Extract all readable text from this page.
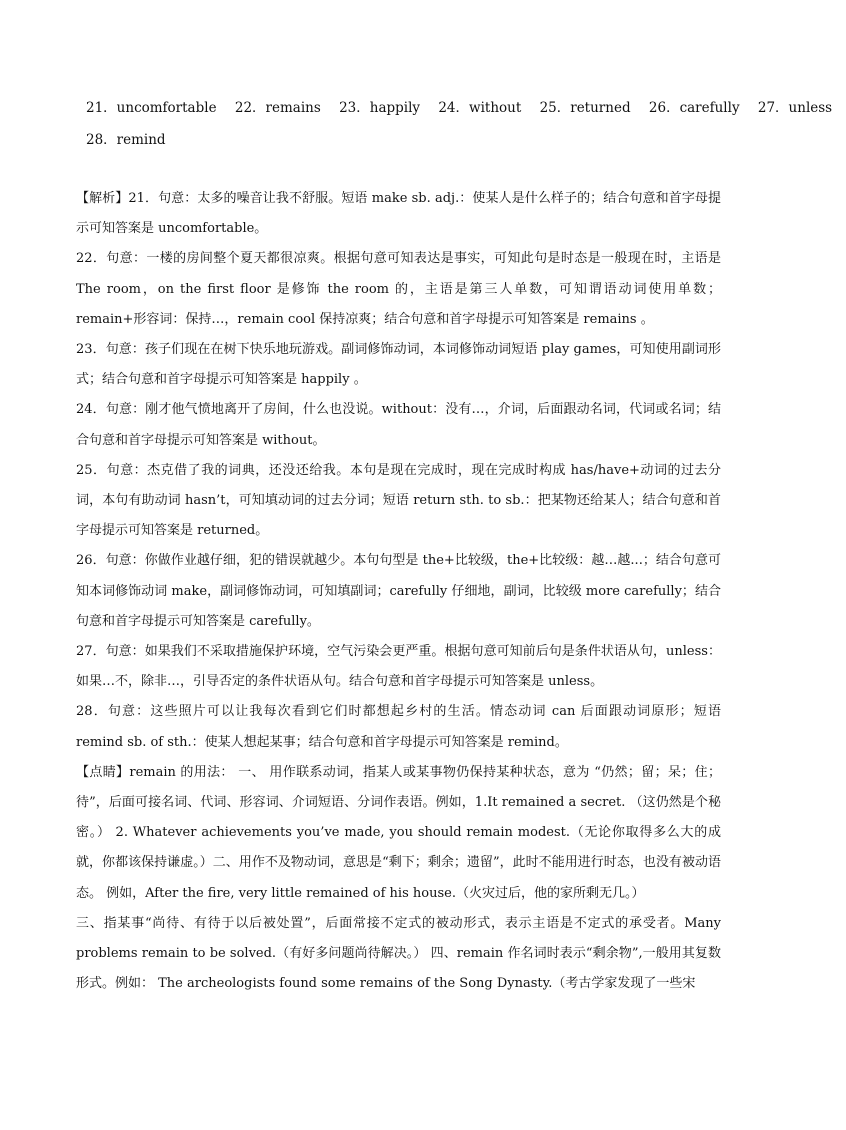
21．uncomfortable 22．remains 23．happily 24．without 25．returned 26．carefully 27．unless
28．remind

【解析】21．句意：太多的噪音让我不舒服。短语 make sb. adj.：使某人是什么样子的；结合句意和首字母提示可知答案是 uncomfortable。

22．句意：一楼的房间整个夏天都很凉爽。根据句意可知表达是事实，可知此句是时态是一般现在时，主语是 The room，on the first floor 是修饰 the room 的，主语是第三人单数，可知谓语动词使用单数；remain+形容词：保持…，remain cool 保持凉爽；结合句意和首字母提示可知答案是 remains 。

23．句意：孩子们现在在树下快乐地玩游戏。副词修饰动词，本词修饰动词短语 play games，可知使用副词形式；结合句意和首字母提示可知答案是 happily 。

24．句意：刚才他气愤地离开了房间，什么也没说。without：没有…，介词，后面跟动名词，代词或名词；结合句意和首字母提示可知答案是 without。

25．句意：杰克借了我的词典，还没还给我。本句是现在完成时，现在完成时构成 has/have+动词的过去分词，本句有助动词 hasn’t，可知填动词的过去分词；短语 return sth. to sb.：把某物还给某人；结合句意和首字母提示可知答案是 returned。

26．句意：你做作业越仔细，犯的错误就越少。本句句型是 the+比较级，the+比较级：越…越...；结合句意可知本词修饰动词 make，副词修饰动词，可知填副词；carefully 仔细地，副词，比较级 more carefully；结合句意和首字母提示可知答案是 carefully。

27．句意：如果我们不采取措施保护环境，空气污染会更严重。根据句意可知前后句是条件状语从句，unless：如果…不，除非…，引导否定的条件状语从句。结合句意和首字母提示可知答案是 unless。

28．句意：这些照片可以让我每次看到它们时都想起乡村的生活。情态动词 can 后面跟动词原形；短语 remind sb. of sth.：使某人想起某事；结合句意和首字母提示可知答案是 remind。

【点睛】remain 的用法： 一、 用作联系动词，指某人或某事物仍保持某种状态，意为 “仍然；留；呆；住；待”，后面可接名词、代词、形容词、介词短语、分词作表语。例如，1.It remained a secret. （这仍然是个秘密。） 2. Whatever achievements you’ve made, you should remain modest.（无论你取得多么大的成就，你都该保持谦虚。）二、用作不及物动词，意思是“剩下；剩余；遗留”，此时不能用进行时态，也没有被动语态。 例如，After the fire, very little remained of his house.（火灾过后，他的家所剩无几。）

三、指某事“尚待、有待于以后被处置”，后面常接不定式的被动形式，表示主语是不定式的承受者。Many problems remain to be solved.（有好多问题尚待解决。） 四、remain 作名词时表示“剩余物”,一般用其复数形式。例如： The archeologists found some remains of the Song Dynasty.（考古学家发现了一些宋
